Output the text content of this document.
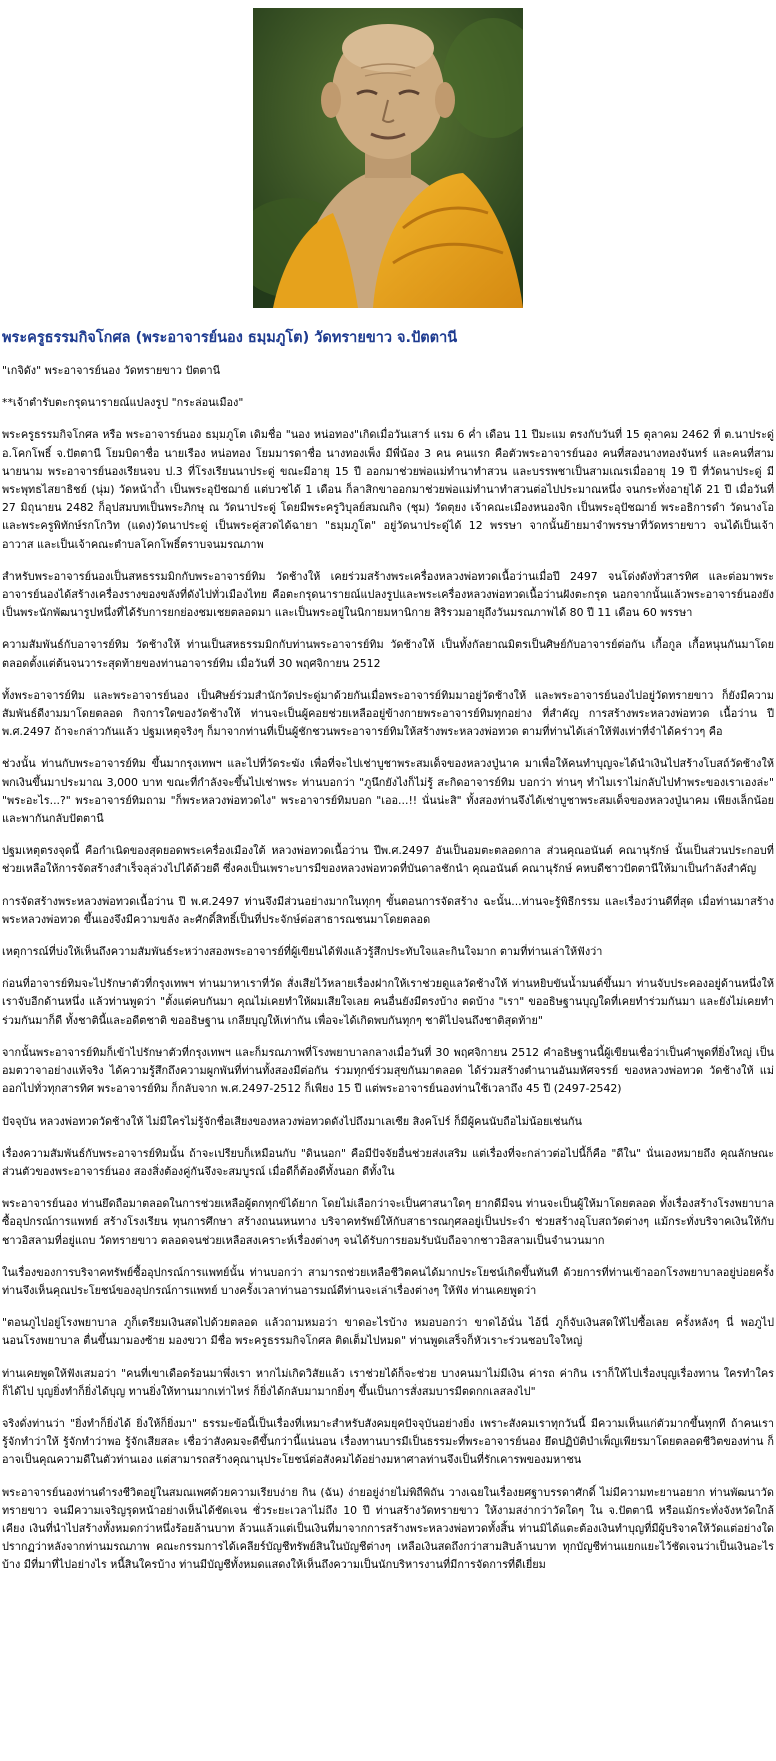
พระครูธรรมกิจโกศล (พระอาจารย์นอง ธมฺมภูโต) วัดทรายขาว จ.ปัตตานี

"เกจิดัง" พระอาจารย์นอง วัดทรายขาว ปัตตานี

**เจ้าตำรับตะกรุดนารายณ์แปลงรูป "กระล่อนเมือง"

พระครูธรรมกิจโกศล หรือ พระอาจารย์นอง ธมฺมภูโต เดิมชื่อ "นอง หน่อทอง"เกิดเมื่อวันเสาร์ แรม 6 ค่ำ เดือน 11 ปีมะแม ตรงกับวันที่ 15 ตุลาคม 2462 ที่ ต.นาประดู่ อ.โคกโพธิ์ จ.ปัตตานี โยมบิดาชื่อ นายเรือง หน่อทอง โยมมารดาชื่อ นางทองเพ็ง มีพี่น้อง 3 คน คนแรก คือตัวพระอาจารย์นอง คนที่สองนางทองจันทร์ และคนที่สามนายนาม พระอาจารย์นองเรียนจบ ป.3 ที่โรงเรียนนาประดู่ ขณะมีอายุ 15 ปี ออกมาช่วยพ่อแม่ทำนาทำสวน และบรรพชาเป็นสามเณรเมื่ออายุ 19 ปี ที่วัดนาประดู่ มีพระพุทธไสยาธิชย์ (นุ่ม) วัดหน้าถ้ำ เป็นพระอุปัชฌาย์ แต่บวชได้ 1 เดือน ก็ลาสิกขาออกมาช่วยพ่อแม่ทำนาทำสวนต่อไปประมาณหนึ่ง จนกระทั่งอายุได้ 21 ปี เมื่อวันที่ 27 มิถุนายน 2482 ก็อุปสมบทเป็นพระภิกษุ ณ วัดนาประดู่ โดยมีพระครูวิบุลย์สมณกิจ (ชุม) วัดตุยง เจ้าคณะเมืองหนองจิก เป็นพระอุปัชฌาย์ พระอธิการดำ วัดนางโอ และพระครูพิทักษ์รกโกวิท (แดง)วัดนาประดู่ เป็นพระคู่สวดได้ฉายา "ธมฺมภูโต" อยู่วัดนาประดู่ได้ 12 พรรษา จากนั้นย้ายมาจำพรรษาที่วัดทรายขาว จนได้เป็นเจ้าอาวาส และเป็นเจ้าคณะตำบลโคกโพธิ์ตราบจนมรณภาพ

สำหรับพระอาจารย์นองเป็นสหธรรมมิกกับพระอาจารย์ทิม วัดช้างให้ เคยร่วมสร้างพระเครื่องหลวงพ่อทวดเนื้อว่านเมื่อปี 2497 จนโด่งดังทั่วสารทิศ และต่อมาพระอาจารย์นองได้สร้างเครื่องรางของขลังที่ดังไปทั่วเมืองไทย คือตะกรุดนารายณ์แปลงรูปและพระเครื่องหลวงพ่อทวดเนื้อว่านฝังตะกรุด นอกจากนั้นแล้วพระอาจารย์นองยังเป็นพระนักพัฒนารูปหนึ่งที่ได้รับการยกย่องชมเชยตลอดมา และเป็นพระอยู่ในนิกายมหานิกาย สิริรวมอายุถึงวันมรณภาพได้ 80 ปี 11 เดือน 60 พรรษา

ความสัมพันธ์กับอาจารย์ทิม วัดช้างให้ ท่านเป็นสหธรรมมิกกับท่านพระอาจารย์ทิม วัดช้างให้ เป็นทั้งกัลยาณมิตรเป็นศิษย์กับอาจารย์ต่อกัน เกื้อกูล เกื้อหนุนกันมาโดยตลอดตั้งแต่ต้นจนวาระสุดท้ายของท่านอาจารย์ทิม เมื่อวันที่ 30 พฤศจิกายน 2512

ทั้งพระอาจารย์ทิม และพระอาจารย์นอง เป็นศิษย์ร่วมสำนักวัดประดู่มาด้วยกันเมื่อพระอาจารย์ทิมมาอยู่วัดช้างให้ และพระอาจารย์นองไปอยู่วัดทรายขาว ก็ยังมีความสัมพันธ์ดีงามมาโดยตลอด กิจการใดของวัดช้างให้ ท่านจะเป็นผู้คอยช่วยเหลืออยู่ข้างกายพระอาจารย์ทิมทุกอย่าง ที่สำคัญ การสร้างพระหลวงพ่อทวด เนื้อว่าน ปี พ.ศ.2497 ถ้าจะกล่าวกันแล้ว ปฐมเหตุจริงๆ ก็มาจากท่านที่เป็นผู้ชักชวนพระอาจารย์ทิมให้สร้างพระหลวงพ่อทวด ตามที่ท่านได้เล่าให้ฟังเท่าที่จำได้คร่าวๆ คือ

ช่วงนั้น ท่านกับพระอาจารย์ทิม ขึ้นมากรุงเทพฯ และไปที่วัดระฆัง เพื่อที่จะไปเช่าบูชาพระสมเด็จของหลวงปู่นาค มาเพื่อให้คนทำบุญจะได้นำเงินไปสร้างโบสถ์วัดช้างให้ พกเงินขึ้นมาประมาณ 3,000 บาท ขณะที่กำลังจะขึ้นไปเช่าพระ ท่านบอกว่า "ภูนึกยังไงก็ไม่รู้ สะกิดอาจารย์ทิม บอกว่า ท่านๆ ทำไมเราไม่กลับไปทำพระของเราเองล่ะ" "พระอะไร...?" พระอาจารย์ทิมถาม "ก็พระหลวงพ่อทวดไง" พระอาจารย์ทิมบอก "เออ...!! นั่นน่ะสิ" ทั้งสองท่านจึงได้เช่าบูชาพระสมเด็จของหลวงปู่นาคม เพียงเล็กน้อยและพากันกลับปัตตานี

ปฐมเหตุตรงจุดนี้ คือกำเนิดของสุดยอดพระเครื่องเมืองใต้ หลวงพ่อทวดเนื้อว่าน ปีพ.ศ.2497 อันเป็นอมตะตลอดกาล ส่วนคุณอนันต์ คณานุรักษ์ นั้นเป็นส่วนประกอบที่ช่วยเหลือให้การจัดสร้างสำเร็จลุล่วงไปได้ด้วยดี ซึ่งคงเป็นเพราะบารมีของหลวงพ่อทวดที่บันดาลชักนำ คุณอนันต์ คณานุรักษ์ คหบดีชาวปัตตานีให้มาเป็นกำลังสำคัญ

การจัดสร้างพระหลวงพ่อทวดเนื้อว่าน ปี พ.ศ.2497 ท่านจึงมีส่วนอย่างมากในทุกๆ ขั้นตอนการจัดสร้าง ฉะนั้น...ท่านจะรู้พิธีกรรม และเรื่องว่านดีที่สุด เมื่อท่านมาสร้างพระหลวงพ่อทวด ขึ้นเองจึงมีความขลัง ละศักดิ์สิทธิ์เป็นที่ประจักษ์ต่อสาธารณชนมาโดยตลอด

เหตุการณ์ที่บ่งให้เห็นถึงความสัมพันธ์ระหว่างสองพระอาจารย์ที่ผู้เขียนได้ฟังแล้วรู้สึกประทับใจและกินใจมาก ตามที่ท่านเล่าให้ฟังว่า

ก่อนที่อาจารย์ทิมจะไปรักษาตัวที่กรุงเทพฯ ท่านมาหาเราที่วัด สั่งเสียไว้หลายเรื่องฝากให้เราช่วยดูแลวัดช้างให้ ท่านหยิบขันน้ำมนต์ขึ้นมา ท่านจับประคองอยู่ด้านหนึ่งให้เราจับอีกด้านหนึ่ง แล้วท่านพูดว่า "ตั้งแต่คบกันมา คุณไม่เคยทำให้ผมเสียใจเลย คนอื่นยังมีตรงบ้าง ตดบ้าง "เรา" ขออธิษฐานบุญใดที่เคยทำร่วมกันมา และยังไม่เคยทำร่วมกันมาก็ดี ทั้งชาตินี้และอดีตชาติ ขออธิษฐาน เกลียบุญให้เท่ากัน เพื่อจะได้เกิดพบกันทุกๆ ชาติไปจนถึงชาติสุดท้าย"

จากนั้นพระอาจารย์ทิมก็เข้าไปรักษาตัวที่กรุงเทพฯ และก็มรณภาพที่โรงพยาบาลกลางเมื่อวันที่ 30 พฤศจิกายน 2512 คำอธิษฐานนี้ผู้เขียนเชื่อว่าเป็นคำพูดที่ยิ่งใหญ่ เป็นอมตวาจาอย่างแท้จริง ได้ความรู้สึกถึงความผูกพันที่ท่านทั้งสองมีต่อกัน ร่วมทุกข์ร่วมสุขกันมาตลอด ได้ร่วมสร้างตำนานอันมหัศจรรย์ ของหลวงพ่อทวด วัดช้างให้ แม่ออกไปทั่วทุกสารทิศ พระอาจารย์ทิม ก็กลับจาก พ.ศ.2497-2512 ก็เพียง 15 ปี แต่พระอาจารย์นองท่านใช้เวลาถึง 45 ปี (2497-2542)

ปัจจุบัน หลวงพ่อทวดวัดช้างให้ ไม่มีใครไม่รู้จักชื่อเสียงของหลวงพ่อทวดดังไปถึงมาเลเซีย สิงคโปร์ ก็มีผู้คนนับถือไม่น้อยเช่นกัน

เรื่องความสัมพันธ์กับพระอาจารย์ทิมนั้น ถ้าจะเปรียบก็เหมือนกับ "ดินนอก" คือมีปัจจัยอื่นช่วยส่งเสริม แต่เรื่องที่จะกล่าวต่อไปนี้ก็คือ "ดีใน" นั่นเองหมายถึง คุณลักษณะส่วนตัวของพระอาจารย์นอง สองสิ่งต้องคู่กันจึงจะสมบูรณ์ เมื่อดีก็ต้องดีทั้งนอก ดีทั้งใน

พระอาจารย์นอง ท่านยึดถือมาตลอดในการช่วยเหลือผู้ตกทุกข์ได้ยาก โดยไม่เลือกว่าจะเป็นศาสนาใดๆ ยากดีมีจน ท่านจะเป็นผู้ให้มาโดยตลอด ทั้งเรื่องสร้างโรงพยาบาลซื้ออุปกรณ์การแพทย์ สร้างโรงเรียน ทุนการศึกษา สร้างถนนหนทาง บริจาคทรัพย์ให้กับสาธารณกุศลอยู่เป็นประจำ ช่วยสร้างอุโบสถวัดต่างๆ แม้กระทั่งบริจาคเงินให้กับชาวอิสลามที่อยู่แถบ วัดทรายขาว ตลอดจนช่วยเหลือสงเคราะห์เรื่องต่างๆ จนได้รับการยอมรับนับถือจากชาวอิสลามเป็นจำนวนมาก

ในเรื่องของการบริจาคทรัพย์ซื้ออุปกรณ์การแพทย์นั้น ท่านบอกว่า สามารถช่วยเหลือชีวิตคนได้มากประโยชน์เกิดขึ้นทันที ด้วยการที่ท่านเข้าออกโรงพยาบาลอยู่บ่อยครั้งท่านจึงเห็นคุณประโยชน์ของอุปกรณ์การแพทย์ บางครั้งเวลาท่านอารมณ์ดีท่านจะเล่าเรื่องต่างๆ ให้ฟัง ท่านเคยพูดว่า

"ตอนภูไปอยู่โรงพยาบาล ภูก็เตรียมเงินสดไปด้วยตลอด แล้วถามหมอว่า ขาดอะไรบ้าง หมอบอกว่า ขาดไอ้นั่น ไอ้นี่ ภูก็จับเงินสดให้ไปซื้อเลย ครั้งหลังๆ นี่ พอภูไปนอนโรงพยาบาล ตื่นขึ้นมามองซ้าย มองขวา มีชื่อ พระครูธรรมกิจโกศล ติดเต็มไปหมด" ท่านพูดเสร็จก็หัวเราะร่วนชอบใจใหญ่

ท่านเคยพูดให้ฟังเสมอว่า "คนที่เขาเดือดร้อนมาพึ่งเรา หากไม่เกิดวิสัยแล้ว เราช่วยได้ก็จะช่วย บางคนมาไม่มีเงิน ค่ารถ ค่ากิน เราก็ให้ไปเรื่องบุญเรื่องทาน ใครทำใครก็ได้ไป บุญยิ่งทำก็ยิ่งได้บุญ ทานยิ่งให้ทานมากเท่าไหร่ ก็ยิ่งได้กลับมามากยิ่งๆ ขึ้นเป็นการสั่งสมบารมีตดกกเลสลงไป"

จริงดั่งท่านว่า "ยิ่งทำก็ยิ่งได้ ยิ่งให้ก็ยิ่งมา" ธรรมะข้อนี้เป็นเรื่องที่เหมาะสำหรับสังคมยุคปัจจุบันอย่างยิ่ง เพราะสังคมเราทุกวันนี้ มีความเห็นแก่ตัวมากขึ้นทุกที ถ้าคนเรารู้จักทำว่าให้ รู้จักทำว่าพอ รู้จักเสียสละ เชื่อว่าสังคมจะดีขึ้นกว่านี้แน่นอน เรื่องทานบารมีเป็นธรรมะที่พระอาจารย์นอง ยึดปฏิบัติบำเพ็ญเพียรมาโดยตลอดชีวิตของท่าน ก็อาจเป็นคุณความดีในตัวท่านเอง แต่สามารถสร้างคุณานุประโยชน์ต่อสังคมได้อย่างมหาศาลท่านจึงเป็นที่รักเคารพของมหาชน

พระอาจารย์นองท่านดำรงชีวิตอยู่ในสมณเพศด้วยความเรียบง่าย กิน (ฉัน) ง่ายอยู่ง่ายไม่พิถีพิถัน วางเฉยในเรื่องยศฐาบรรดาศักดิ์ ไม่มีความทะยานอยาก ท่านพัฒนาวัดทรายขาว จนมีความเจริญรุดหน้าอย่างเห็นได้ชัดเจน ชั่วระยะเวลาไม่ถึง 10 ปี ท่านสร้างวัดทรายขาว ให้งามสง่ากว่าวัดใดๆ ใน จ.ปัตตานี หรือแม้กระทั่งจังหวัดใกล้เคียง เงินที่นำไปสร้างทั้งหมดกว่าหนึ่งร้อยล้านบาท ล้วนแล้วแต่เป็นเงินที่มาจากการสร้างพระหลวงพ่อทวดทั้งสิ้น ท่านมิได้แตะต้องเงินทำบุญที่มีผู้บริจาคให้วัดแต่อย่างใด ปรากฏว่าหลังจากท่านมรณภาพ คณะกรรมการได้เคลียร์บัญชีทรัพย์สินในบัญชีต่างๆ เหลือเงินสดถึงกว่าสามสิบล้านบาท ทุกบัญชีท่านแยกแยะไว้ชัดเจนว่าเป็นเงินอะไรบ้าง มีที่มาที่ไปอย่างไร หนี้สินใครบ้าง ท่านมีบัญชีทั้งหมดแสดงให้เห็นถึงความเป็นนักบริหารงานที่มีการจัดการที่ดีเยี่ยม
